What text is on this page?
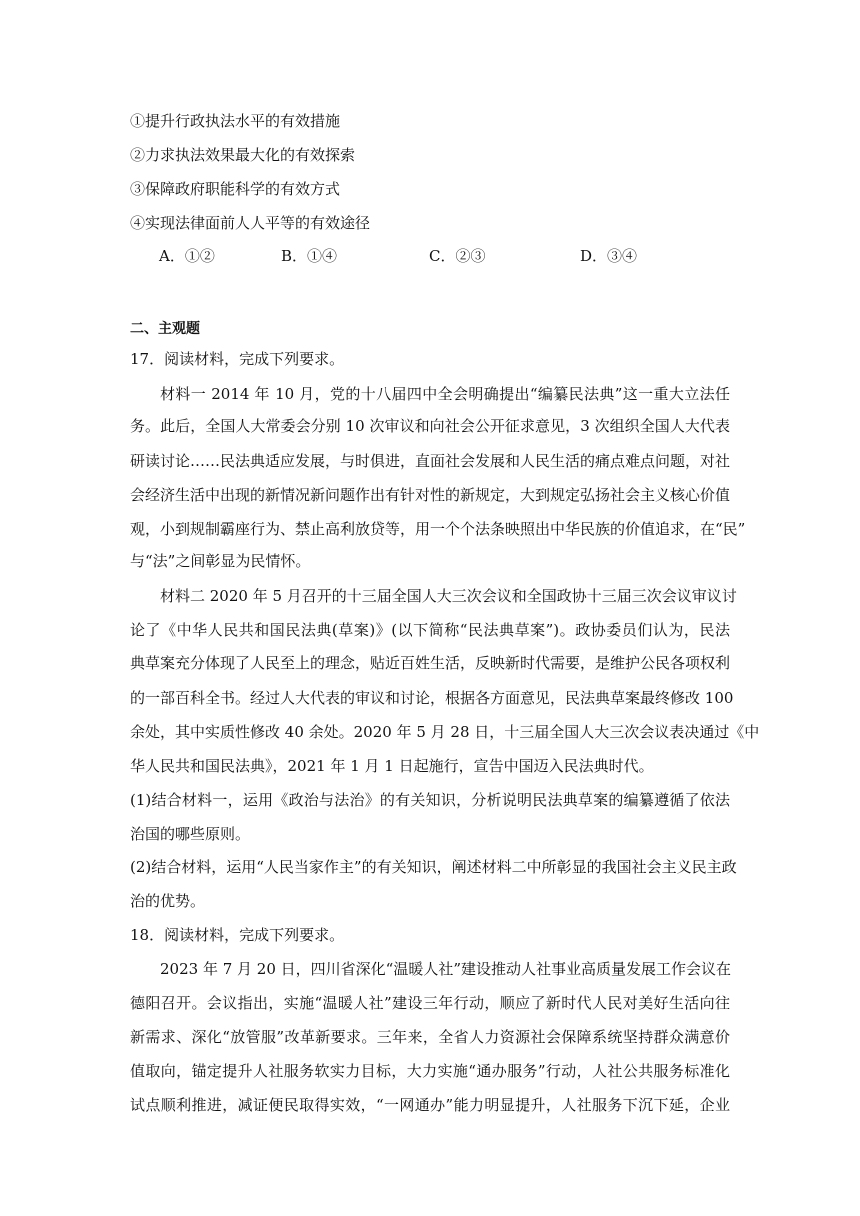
①提升行政执法水平的有效措施
②力求执法效果最大化的有效探索
③保障政府职能科学的有效方式
④实现法律面前人人平等的有效途径
A．①②	B．①④	C．②③	D．③④
二、主观题
17．阅读材料，完成下列要求。
材料一 2014 年 10 月，党的十八届四中全会明确提出“编纂民法典”这一重大立法任
务。此后，全国人大常委会分别 10 次审议和向社会公开征求意见，3 次组织全国人大代表
研读讨论……民法典适应发展，与时俱进，直面社会发展和人民生活的痛点难点问题，对社
会经济生活中出现的新情况新问题作出有针对性的新规定，大到规定弘扬社会主义核心价值
观，小到规制霸座行为、禁止高利放贷等，用一个个法条映照出中华民族的价值追求，在“民”
与“法”之间彰显为民情怀。
材料二 2020 年 5 月召开的十三届全国人大三次会议和全国政协十三届三次会议审议讨
论了《中华人民共和国民法典(草案)》(以下简称“民法典草案”)。政协委员们认为，民法
典草案充分体现了人民至上的理念，贴近百姓生活，反映新时代需要，是维护公民各项权利
的一部百科全书。经过人大代表的审议和讨论，根据各方面意见，民法典草案最终修改 100
余处，其中实质性修改 40 余处。2020 年 5 月 28 日，十三届全国人大三次会议表决通过《中
华人民共和国民法典》，2021 年 1 月 1 日起施行，宣告中国迈入民法典时代。
(1)结合材料一，运用《政治与法治》的有关知识，分析说明民法典草案的编纂遵循了依法
治国的哪些原则。
(2)结合材料，运用“人民当家作主”的有关知识，阐述材料二中所彰显的我国社会主义民主政
治的优势。
18．阅读材料，完成下列要求。
2023 年 7 月 20 日，四川省深化“温暖人社”建设推动人社事业高质量发展工作会议在
德阳召开。会议指出，实施“温暖人社”建设三年行动，顺应了新时代人民对美好生活向往
新需求、深化“放管服”改革新要求。三年来，全省人力资源社会保障系统坚持群众满意价
值取向，锚定提升人社服务软实力目标，大力实施“通办服务”行动，人社公共服务标准化
试点顺利推进，减证便民取得实效，“一网通办”能力明显提升，人社服务下沉下延，企业
